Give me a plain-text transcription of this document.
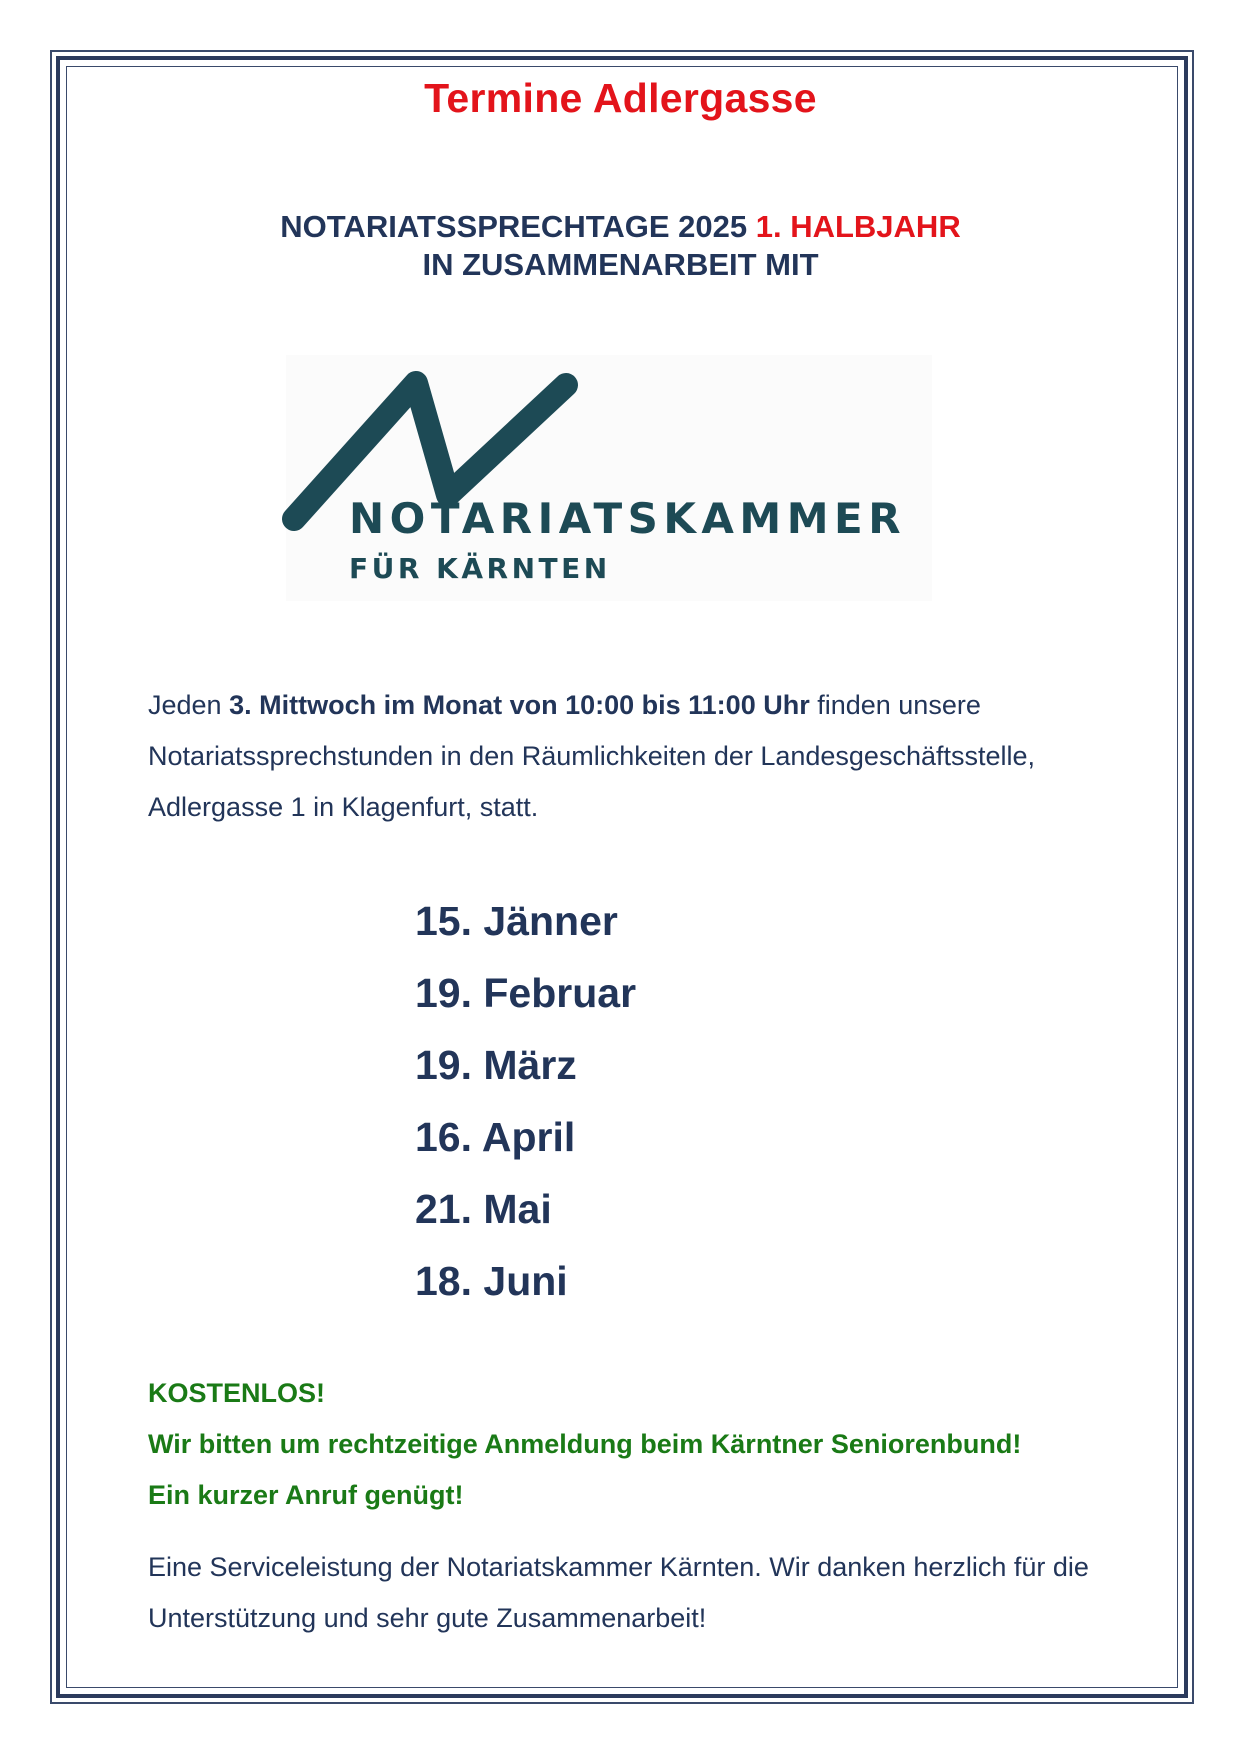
Termine Adlergasse
NOTARIATSSPRECHTAGE 2025 1. HALBJAHR
IN ZUSAMMENARBEIT MIT
NOTARIATSKAMMER
FÜR KÄRNTEN
Jeden 3. Mittwoch im Monat von 10:00 bis 11:00 Uhr finden unsere Notariatssprechstunden in den Räumlichkeiten der Landesgeschäftsstelle, Adlergasse 1 in Klagenfurt, statt.
15. Jänner
19. Februar
19. März
16. April
21. Mai
18. Juni
KOSTENLOS!
Wir bitten um rechtzeitige Anmeldung beim Kärntner Seniorenbund!
Ein kurzer Anruf genügt!
Eine Serviceleistung der Notariatskammer Kärnten. Wir danken herzlich für die Unterstützung und sehr gute Zusammenarbeit!
